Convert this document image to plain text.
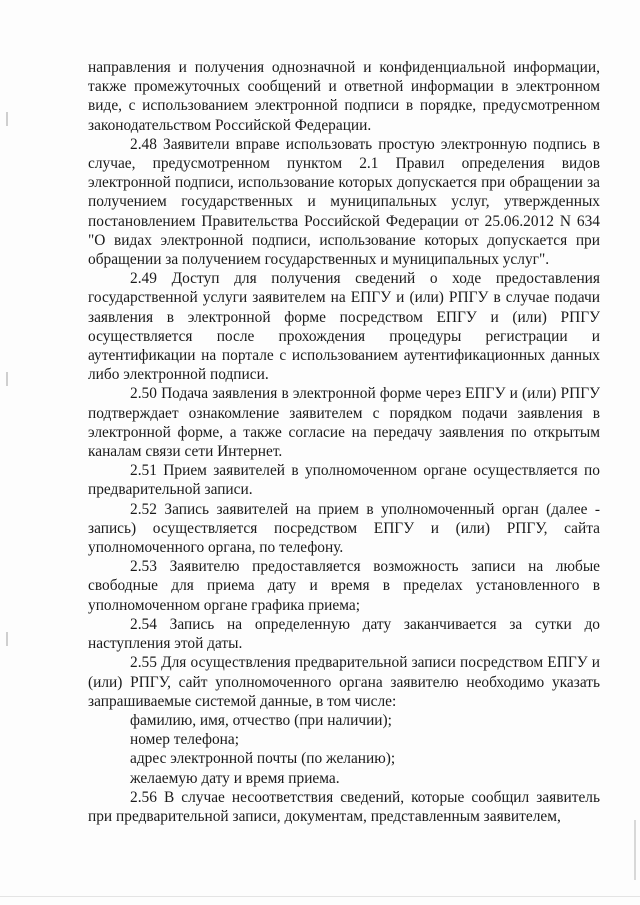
направления и получения однозначной и конфиденциальной информации, также промежуточных сообщений и ответной информации в электронном виде, с использованием электронной подписи в порядке, предусмотренном законодательством Российской Федерации.

2.48 Заявители вправе использовать простую электронную подпись в случае, предусмотренном пунктом 2.1 Правил определения видов электронной подписи, использование которых допускается при обращении за получением государственных и муниципальных услуг, утвержденных постановлением Правительства Российской Федерации от 25.06.2012 N 634 "О видах электронной подписи, использование которых допускается при обращении за получением государственных и муниципальных услуг".

2.49 Доступ для получения сведений о ходе предоставления государственной услуги заявителем на ЕПГУ и (или) РПГУ в случае подачи заявления в электронной форме посредством ЕПГУ и (или) РПГУ осуществляется после прохождения процедуры регистрации и аутентификации на портале с использованием аутентификационных данных либо электронной подписи.

2.50 Подача заявления в электронной форме через ЕПГУ и (или) РПГУ подтверждает ознакомление заявителем с порядком подачи заявления в электронной форме, а также согласие на передачу заявления по открытым каналам связи сети Интернет.

2.51 Прием заявителей в уполномоченном органе осуществляется по предварительной записи.

2.52 Запись заявителей на прием в уполномоченный орган (далее - запись) осуществляется посредством ЕПГУ и (или) РПГУ, сайта уполномоченного органа, по телефону.

2.53 Заявителю предоставляется возможность записи на любые свободные для приема дату и время в пределах установленного в уполномоченном органе графика приема;

2.54 Запись на определенную дату заканчивается за сутки до наступления этой даты.

2.55 Для осуществления предварительной записи посредством ЕПГУ и (или) РПГУ, сайт уполномоченного органа заявителю необходимо указать запрашиваемые системой данные, в том числе:

фамилию, имя, отчество (при наличии);

номер телефона;

адрес электронной почты (по желанию);

желаемую дату и время приема.

2.56 В случае несоответствия сведений, которые сообщил заявитель при предварительной записи, документам, представленным заявителем,
